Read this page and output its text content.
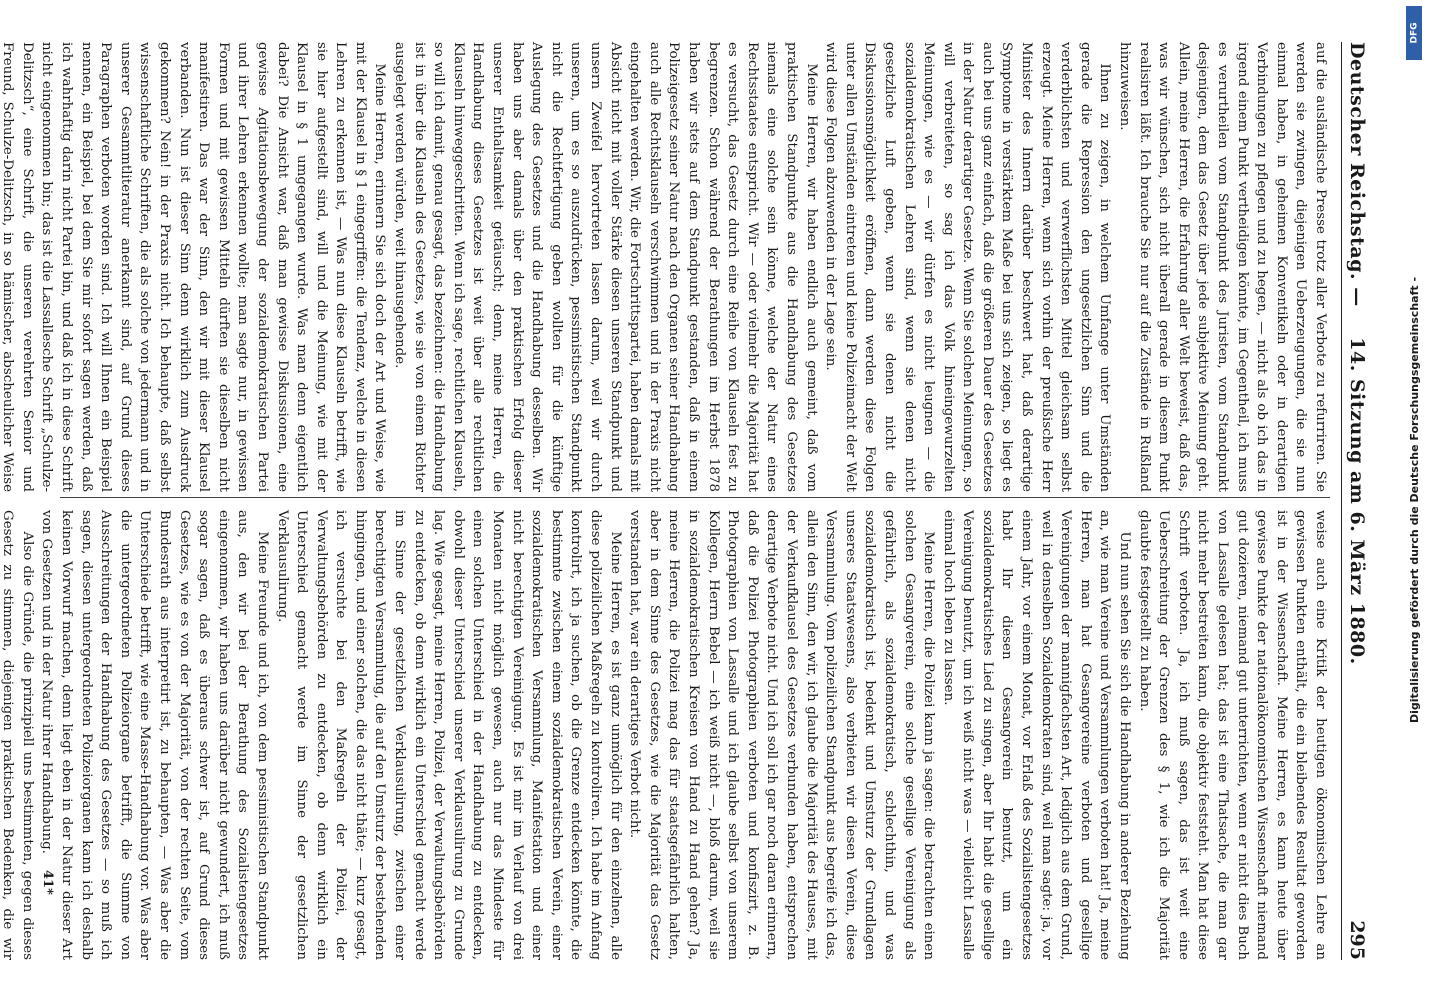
Deutscher Reichstag. —
14. Sitzung am 6. März 1880.
295

auf die ausländische Presse trotz aller Verbote zu refurriren. Sie werden sie zwingen, diejenigen Ueberzeugungen, die sie nun einmal haben, in geheimen Konventikeln oder in derartigen Verbindungen zu pflegen und zu hegen, — nicht als ob ich das in irgend einem Punkt vertheidigen könnte, im Gegentheil, ich muss es verurtheilen vom Standpunkt des Juristen, vom Standpunkt desjenigen, dem das Gesetz über jede subjektive Meinung geht. Allein, meine Herren, die Erfahrung aller Welt beweist, daß das, was wir wünschen, sich nicht überall gerade in diesem Punkt realisiren läßt. Ich brauche Sie nur auf die Zustände in Rußland hinzuweisen.

Ihnen zu zeigen, in welchem Umfange unter Umständen gerade die Repression den ungesetzlichen Sinn und die verderblichsten und verwerflichsten Mittel gleichsam selbst erzeugt. Meine Herren, wenn sich vorhin der preußische Herr Minister des Innern darüber beschwert hat, daß derartige Symptome in verstärktem Maße bei uns sich zeigen, so liegt es auch bei uns ganz einfach, daß die größeren Dauer des Gesetzes in der Natur derartiger Gesetze. Wenn Sie solchen Meinungen, so will verbreiteten, so sag ich das Volk hineingewurzelten Meinungen, wie es — wir dürfen es nicht leugnen — die sozialdemokratischen Lehren sind, wenn sie denen nicht gesetzliche Luft geben, wenn sie denen nicht die Diskussionsmöglichkeit eröffnen, dann werden diese Folgen unter allen Umständen eintreten und keine Polizeimacht der Welt wird diese Folgen abzuwenden in der Lage sein.

Meine Herren, wir haben endlich auch gemeint, daß vom praktischen Standpunkte aus die Handhabung des Gesetzes niemals eine solche sein könne, welche der Natur eines Rechtsstaates entspricht. Wir — oder vielmehr die Majorität hat es versucht, das Gesetz durch eine Reihe von Klauseln fest zu begrenzen. Schon während der Berathungen im Herbst 1878 haben wir stets auf dem Standpunkt gestanden, daß in einem Polizeigesetz seiner Natur nach den Organen seiner Handhabung auch alle Rechtsklauseln verschwimmen und in der Praxis nicht eingehalten werden. Wir, die Fortschrittspartei, haben damals mit Absicht nicht mit voller Stärke diesen unseren Standpunkt und unsern Zweifel hervortreten lassen darum, weil wir durch unseren, um es so auszudrücken, pessimistischen Standpunkt nicht die Rechtfertigung geben wollten für die künftige Auslegung des Gesetzes und die Handhabung desselben. Wir haben uns aber damals über den praktischen Erfolg dieser unserer Enthaltsamkeit getäuscht; denn, meine Herren, die Handhabung dieses Gesetzes ist weit über alle rechtlichen Klauseln hinweggeschritten. Wenn ich sage, rechtlichen Klauseln, so will ich damit, genau gesagt, das bezeichnen: die Handhabung ist in über die Klauseln des Gesetzes, wie sie von einem Richter ausgelegt werden würden, weit hinausgehende.

Meine Herren, erinnern Sie sich doch der Art und Weise, wie mit der Klausel in § 1 eingegriffen: die Tendenz, welche in diesen Lehren zu erkennen ist, — Was nun diese Klauseln betrifft, wie sie hier aufgestellt sind, will und die Meinung, wie mit der Klausel in § 1 umgegangen wurde. Was man denn eigentlich dabei? Die Ansicht war, daß man gewisse Diskussionen, eine gewisse Agitationsbewegung der sozialdemokratischen Partei und ihrer Lehren erkennen wollte; man sagte nur, in gewissen Formen und mit gewissen Mitteln dürften sie dieselben nicht manifestiren. Das war der Sinn, den wir mit dieser Klausel verbanden. Nun ist dieser Sinn denn wirklich zum Ausdruck gekommen? Nein! in der Praxis nicht. Ich behaupte, daß selbst wissenschaftliche Schriften, die als solche von jedermann und in unserer Gesammtliteratur anerkannt sind, auf Grund dieses Paragraphen verboten worden sind. Ich will Ihnen ein Beispiel nennen, ein Beispiel, bei dem Sie mir sofort sagen werden, daß ich wahrhaftig darin nicht Partei bin, und daß ich in diese Schrift nicht eingenommen bin; das ist die Lassallesche Schrift „Schulze-Delitzsch“, eine Schrift, die unseren verehrten Senior und Freund, Schulze-Delitzsch, in so hämischer, abscheulicher Weise

weise auch eine Kritik der heutigen ökonomischen Lehre an gewissen Punkten enthält, die ein bleibendes Resultat geworden ist in der Wissenschaft. Meine Herren, es kann heute über gewisse Punkte der nationalökonomischen Wissenschaft niemand gut dozieren, niemand gut unterrichten, wenn er nicht dies Buch von Lassalle gelesen hat; das ist eine Thatsache, die man gar nicht mehr bestreiten kann, die objektiv feststeht. Man hat diese Schrift verboten. Ja, ich muß sagen, das ist weit eine Ueberschreitung der Grenzen des § 1, wie ich die Majorität glaubte festgestellt zu haben.

Und nun sehen Sie sich die Handhabung in anderer Beziehung an, wie man Vereine und Versammlungen verboten hat! Ja, meine Herren, man hat Gesangvereine verboten und gesellige Vereinigungen der mannigfachsten Art, lediglich aus dem Grund, weil in denselben Sozialdemokraten sind, weil man sagte: ja, vor einem Jahr, vor einem Monat, vor Erlaß des Sozialistengesetzes habt Ihr diesen Gesangverein benutzt, um ein sozialdemokratisches Lied zu singen, aber Ihr habt die gesellige Vereinigung benutzt, um ich weiß nicht was — vielleicht Lassalle einmal hoch leben zu lassen.

Meine Herren, die Polizei kann ja sagen: die betrachten einen solchen Gesangverein, eine solche gesellige Vereinigung als gefährlich, als sozialdemokratisch, schlechthin, und was sozialdemokratisch ist, bedenkt und Umsturz der Grundlagen unseres Staatswesens, also verbieten wir diesen Verein, diese Versammlung. Vom polizeilichen Standpunkt aus begreife ich das, allein den Sinn, den wir, ich glaube die Majorität des Hauses, mit der Verkaufklausel des Gesetzes verbunden haben, entsprechen derartige Verbote nicht. Und ich soll ich gar noch daran erinnern, daß die Polizei Photographien verboten und konfiszirt, z. B. Photographien von Lassalle und ich glaube selbst von unserem Kollegen, Herrn Bebel — ich weiß nicht —, bloß darum, weil sie in sozialdemokratischen Kreisen von Hand zu Hand gehen? Ja, meine Herren, die Polizei mag das für staatsgefährlich halten, aber in dem Sinne des Gesetzes, wie die Majorität das Gesetz verstanden hat, war ein derartiges Verbot nicht.

Meine Herren, es ist ganz unmöglich für den einzelnen, alle diese polizeilichen Maßregeln zu kontroliren. Ich habe im Anfang kontrolirt, ich ja suchen, ob die Grenze entdecken könnte, die bestimmte zwischen einem sozialdemokratischen Verein, einer sozialdemokratischen Versammlung, Manifestation und einer nicht berechtigten Vereinigung. Es ist mir im Verlauf von drei Monaten nicht möglich gewesen, auch nur das Mindeste für einen solchen Unterschied in der Handhabung zu entdecken, obwohl dieser Unterschied unserer Verklausulirung zu Grunde lag. Wie gesagt, meine Herren, Polizei, der Verwaltungsbehörden zu entdecken, ob denn wirklich ein Unterschied gemacht werde im Sinne der gesetzlichen Verklausulirung, zwischen einer berechtigten Versammlung, die auf den Umsturz der bestehenden hingingen, und einer solchen, die das nicht thäte; — kurz gesagt, ich versuchte bei den Maßregeln der Polizei, der Verwaltungsbehörden zu entdecken, ob denn wirklich ein Unterschied gemacht werde im Sinne der gesetzlichen Verklausulirung.

Meine Freunde und ich, von dem pessimistischen Standpunkt aus, den wir bei der Berathung des Sozialistengesetzes eingenommen, wir haben uns darüber nicht gewundert, ich muß sogar sagen, daß es überaus schwer ist, auf Grund dieses Gesetzes, wie es von der Majorität, von der rechten Seite, vom Bundesrath aus interpretirt ist, zu behaupten, — Was aber die Unterschiede betrifft, wie eine Masse-Handhabung vor. Was aber die untergeordneten Polizeiorgane betrifft, die Summe von Ausschreitungen der Handhabung des Gesetzes — so muß ich sagen, diesen untergeordneten Polizeiorganen kann ich deshalb keinen Vorwurf machen, denn liegt eben in der Natur dieser Art von Gesetzen und in der Natur ihrer Handhabung.

Also die Gründe, die prinzipiell uns bestimmten, gegen dieses Gesetz zu stimmen, diejenigen praktischen Bedenken, die wir

41*
DFG
Digitalisierung gefördert durch die Deutsche Forschungsgemeinschaft -
